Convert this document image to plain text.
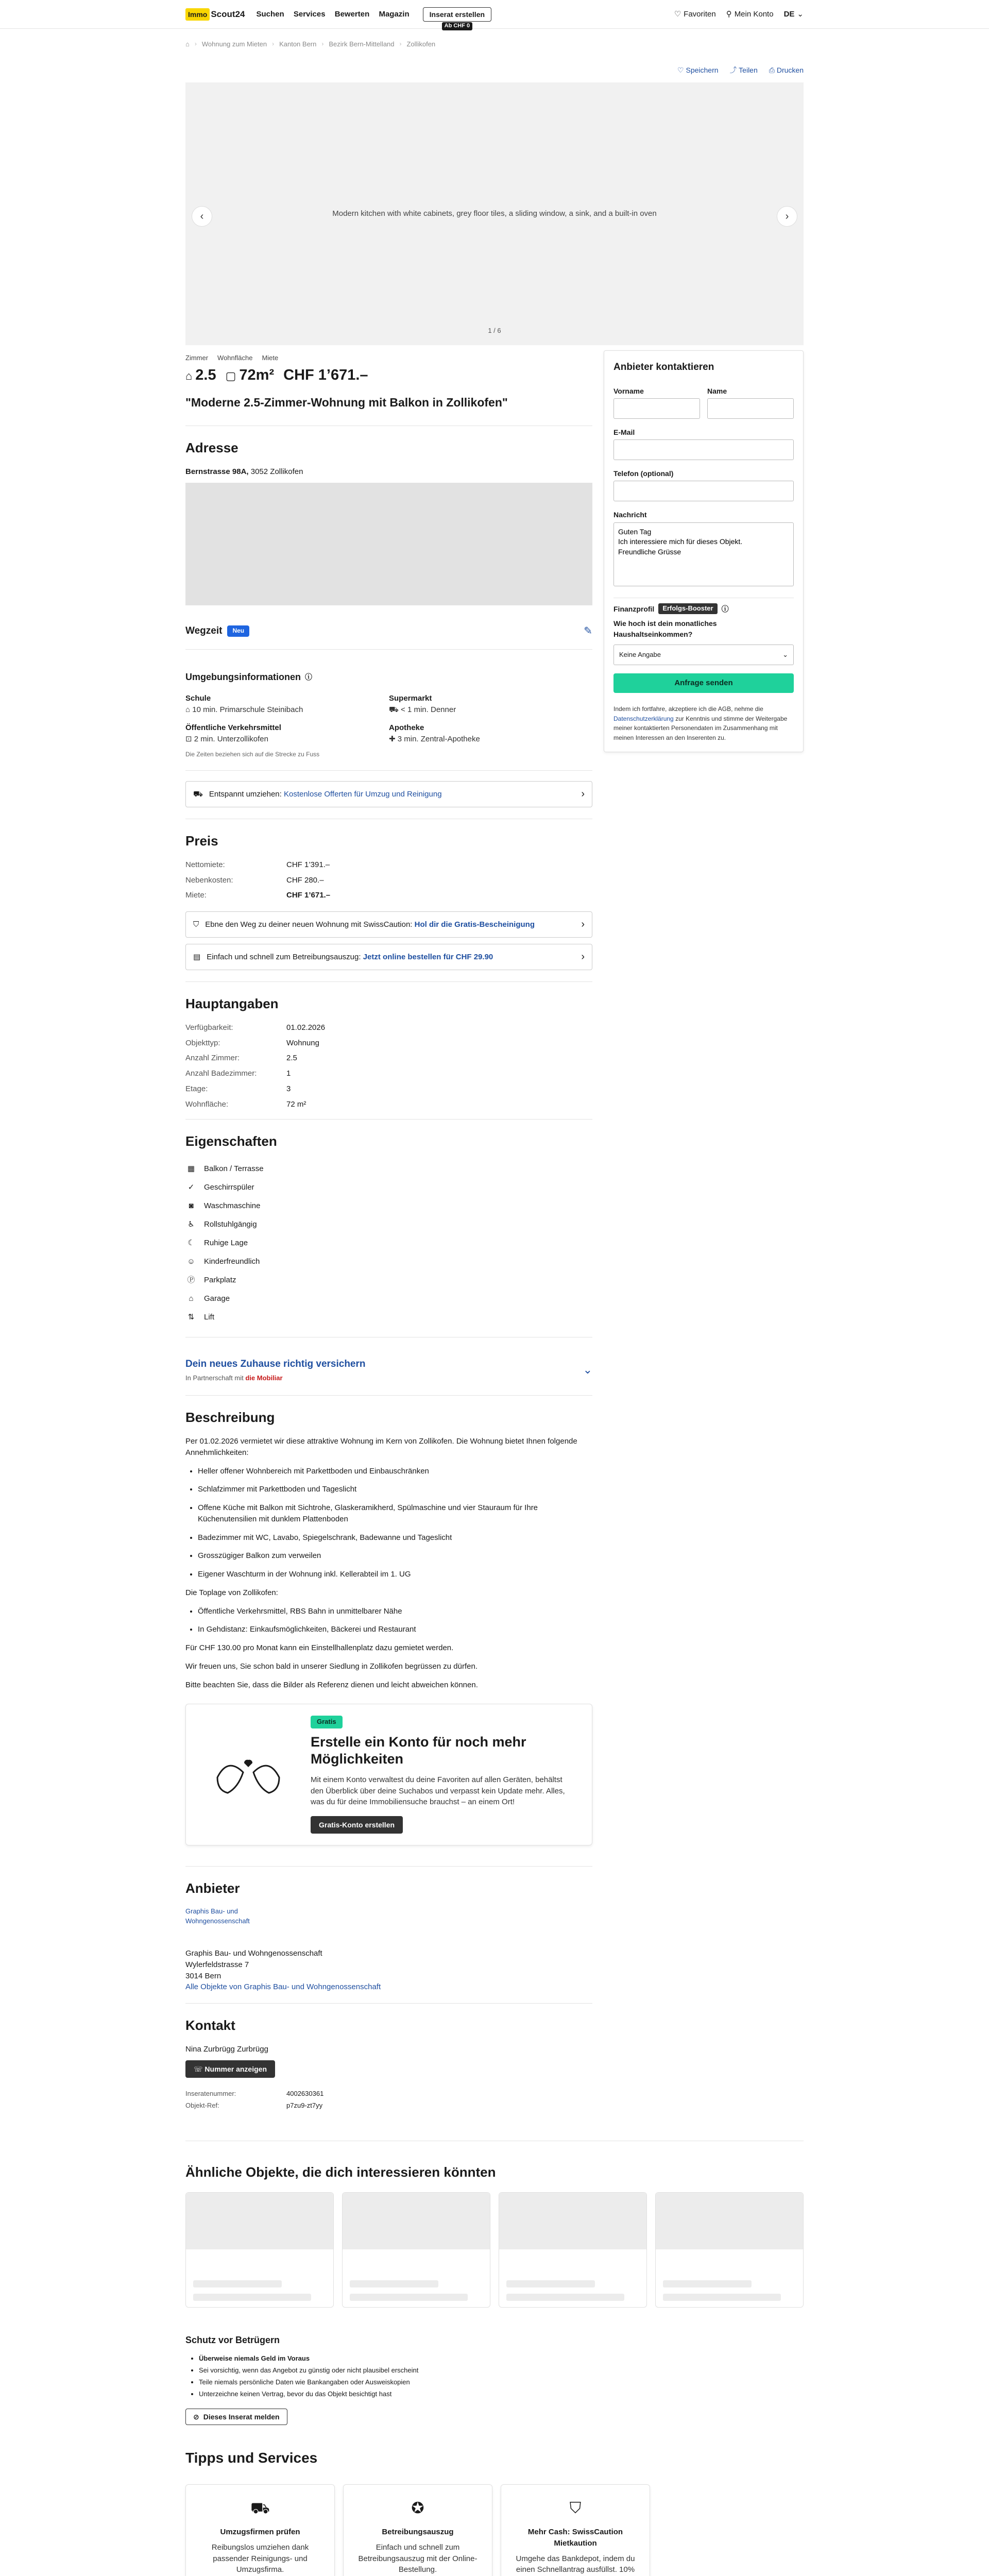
Immo Scout24 Suchen Services Bewerten Magazin	Inserat erstellen
Ab CHF 0
♡ Favoriten ⚲ Mein Konto DE ⌄
⌂ › Wohnung zum Mieten › Kanton Bern › Bezirk Bern-Mittelland › Zollikofen
♡ Speichern ⤴ Teilen ⎙ Drucken
Modern kitchen with white cabinets, grey floor tiles, a sliding window, a sink, and a built-in oven
‹	›
1 / 6
Zimmer Wohnfläche Miete
⌂ 2.5 ▢ 72m² CHF 1’671.–
"Moderne 2.5-Zimmer-Wohnung mit Balkon in Zollikofen"
Adresse
Bernstrasse 98A, 3052 Zollikofen
Wegzeit	Neu	✎
Umgebungsinformationen ⓘ
Schule
⌂ 10 min. Primarschule Steinibach
Supermarkt
⛟ < 1 min. Denner
Öffentliche Verkehrsmittel
⊡ 2 min. Unterzollikofen
Apotheke
✚ 3 min. Zentral-Apotheke
Die Zeiten beziehen sich auf die Strecke zu Fuss
⛟ Entspannt umziehen: Kostenlose Offerten für Umzug und Reinigung	›
Preis
Nettomiete:	CHF 1’391.–
Nebenkosten:	CHF 280.–
Miete:	CHF 1’671.–
⛉ Ebne den Weg zu deiner neuen Wohnung mit SwissCaution: Hol dir die Gratis-Bescheinigung	›
▤ Einfach und schnell zum Betreibungsauszug: Jetzt online bestellen für CHF 29.90	›
Hauptangaben
Verfügbarkeit:	01.02.2026
Objekttyp:	Wohnung
Anzahl Zimmer:	2.5
Anzahl Badezimmer:	1
Etage:	3
Wohnfläche:	72 m²
Eigenschaften
▦ Balkon / Terrasse
✓	Geschirrspüler
◙	Waschmaschine
♿ Rollstuhlgängig
☾ Ruhige Lage
☺ Kinderfreundlich
Ⓟ Parkplatz
⌂	Garage
⇅	Lift
Dein neues Zuhause richtig versichern
In Partnerschaft mit die Mobiliar
⌄
Beschreibung

Per 01.02.2026 vermietet wir diese attraktive Wohnung im Kern von Zollikofen. Die Wohnung bietet Ihnen folgende Annehmlichkeiten:

• Heller offener Wohnbereich mit Parkettboden und Einbauschränken
• Schlafzimmer mit Parkettboden und Tageslicht
• Offene Küche mit Balkon mit Sichtrohe, Glaskeramikherd, Spülmaschine und vier Stauraum für Ihre Küchenutensilien mit dunklem Plattenboden
• Badezimmer mit WC, Lavabo, Spiegelschrank, Badewanne und Tageslicht
• Grosszügiger Balkon zum verweilen
• Eigener Waschturm in der Wohnung inkl. Kellerabteil im 1. UG

Die Toplage von Zollikofen:

• Öffentliche Verkehrsmittel, RBS Bahn in unmittelbarer Nähe
• In Gehdistanz: Einkaufsmöglichkeiten, Bäckerei und Restaurant

Für CHF 130.00 pro Monat kann ein Einstellhallenplatz dazu gemietet werden.

Wir freuen uns, Sie schon bald in unserer Siedlung in Zollikofen begrüssen zu dürfen.

Bitte beachten Sie, dass die Bilder als Referenz dienen und leicht abweichen können.

Gratis
Erstelle ein Konto für noch mehr Möglichkeiten

Mit einem Konto verwaltest du deine Favoriten auf allen Geräten, behältst den Überblick über deine Suchabos und verpasst kein Update mehr. Alles, was du für deine Immobiliensuche brauchst – an einem Ort!

Gratis-Konto erstellen
Anbieter
Graphis Bau- und Wohngenossenschaft
Graphis Bau- und Wohngenossenschaft
Wylerfeldstrasse 7
3014 Bern
Alle Objekte von Graphis Bau- und Wohngenossenschaft
Kontakt
Nina Zurbrügg Zurbrügg
☏ Nummer anzeigen
Inseratenummer:	4002630361
Objekt-Ref:	p7zu9-zt7yy
Anbieter kontaktieren
Vorname	Name
E-Mail
Telefon (optional)
Nachricht
Guten Tag Ich interessiere mich für dieses Objekt. Freundliche Grüsse
Finanzprofil	Erfolgs-Booster	ⓘ
Wie hoch ist dein monatliches Haushaltseinkommen?
Keine Angabe	⌄
Anfrage senden
Indem ich fortfahre, akzeptiere ich die AGB, nehme die Datenschutzerklärung zur Kenntnis und stimme der Weitergabe meiner kontaktierten Personendaten im Zusammenhang mit meinen Interessen an den Inserenten zu.
Ähnliche Objekte, die dich interessieren könnten
Schutz vor Betrügern
• Überweise niemals Geld im Voraus
• Sei vorsichtig, wenn das Angebot zu günstig oder nicht plausibel erscheint
• Teile niemals persönliche Daten wie Bankangaben oder Ausweiskopien
• Unterzeichne keinen Vertrag, bevor du das Objekt besichtigt hast
⊘ Dieses Inserat melden
Tipps und Services
⛟
Umzugsfirmen prüfen
Reibungslos umziehen dank passender Reinigungs- und Umzugsfirma.
✪
Betreibungsauszug
Einfach und schnell zum Betreibungsauszug mit der Online-Bestellung.
⛉
Mehr Cash: SwissCaution Mietkaution
Umgehe das Bankdepot, indem du einen Schnellantrag ausfüllst. 10%
